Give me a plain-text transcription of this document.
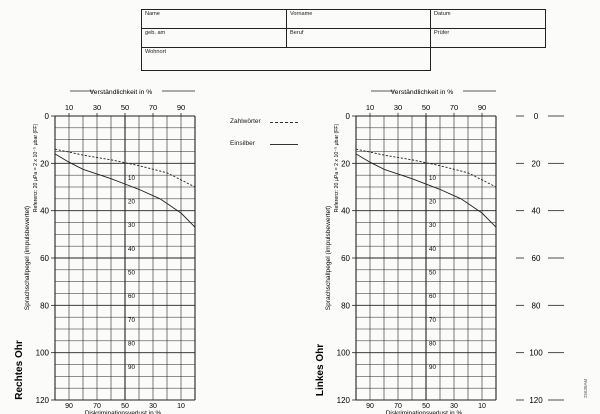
Name	Vorname	Datum
geb. am	Beruf	Prüfer
Wohnort
Zahlwörter
Einsilber
25638AM
0
20
40
60
80
100
120
10	30	50	70	90
Verständlichkeit in %
90	70	50	30	10
Diskriminationsverlust in %
10
20
30
40
50
60
70
80
90
Sprachschallpegel (impulsbewertet)
Referenz: 20 μPa = 2 x 10⁻⁵ μbar (FF)
Rechtes Ohr
0
20
40
60
80
100
120
10	30	50	70	90
Verständlichkeit in %
90	70	50	30	10
Diskriminationsverlust in %
10
20
30
40
50
60
70
80
90
Sprachschallpegel (impulsbewertet)
Referenz: 20 μPa = 2 x 10⁻⁵ μbar (FF)
Linkes Ohr
0
20
40
60
80
100
120
